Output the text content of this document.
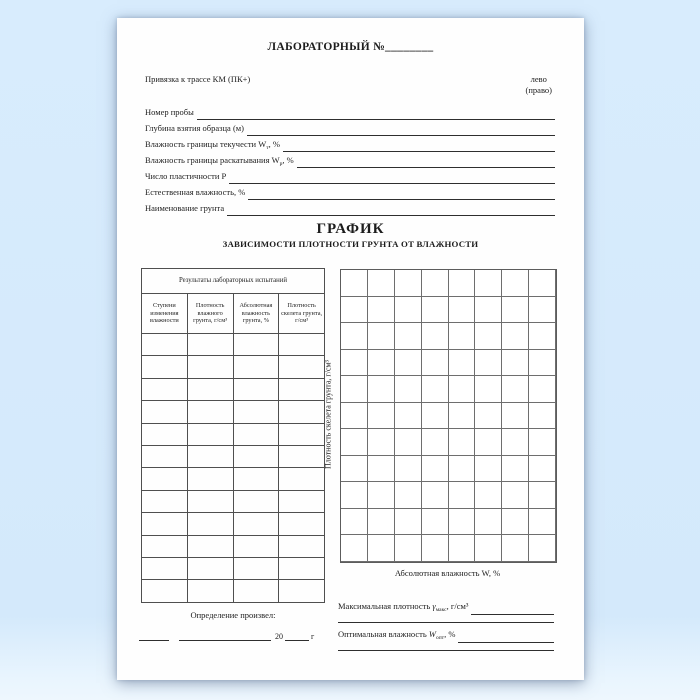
ЛАБОРАТОРНЫЙ №________
Привязка к трассе КМ (ПК+)	лево
(право)
Номер пробы
Глубина взятия образца (м)
Влажность границы текучести $W_т$, %
Влажность границы раскатывания $W_р$, %
Число пластичности Р
Естественная влажность, %
Наименование грунта
ГРАФИК
ЗАВИСИМОСТИ ПЛОТНОСТИ ГРУНТА ОТ ВЛАЖНОСТИ
Результаты лабораторных испытаний			
Ступени изменения влажности	Плотность влажного грунта, г/см³	Абсолютная влажность грунта, %	Плотность скелета грунта, г/см³

Определение произвел:
20	г
Плотность скелета грунта, г/см³
Абсолютная влажность W, %
Максимальная плотность $\gamma_{макс}$, г/см³
Оптимальная влажность $W_{опт}$, %
